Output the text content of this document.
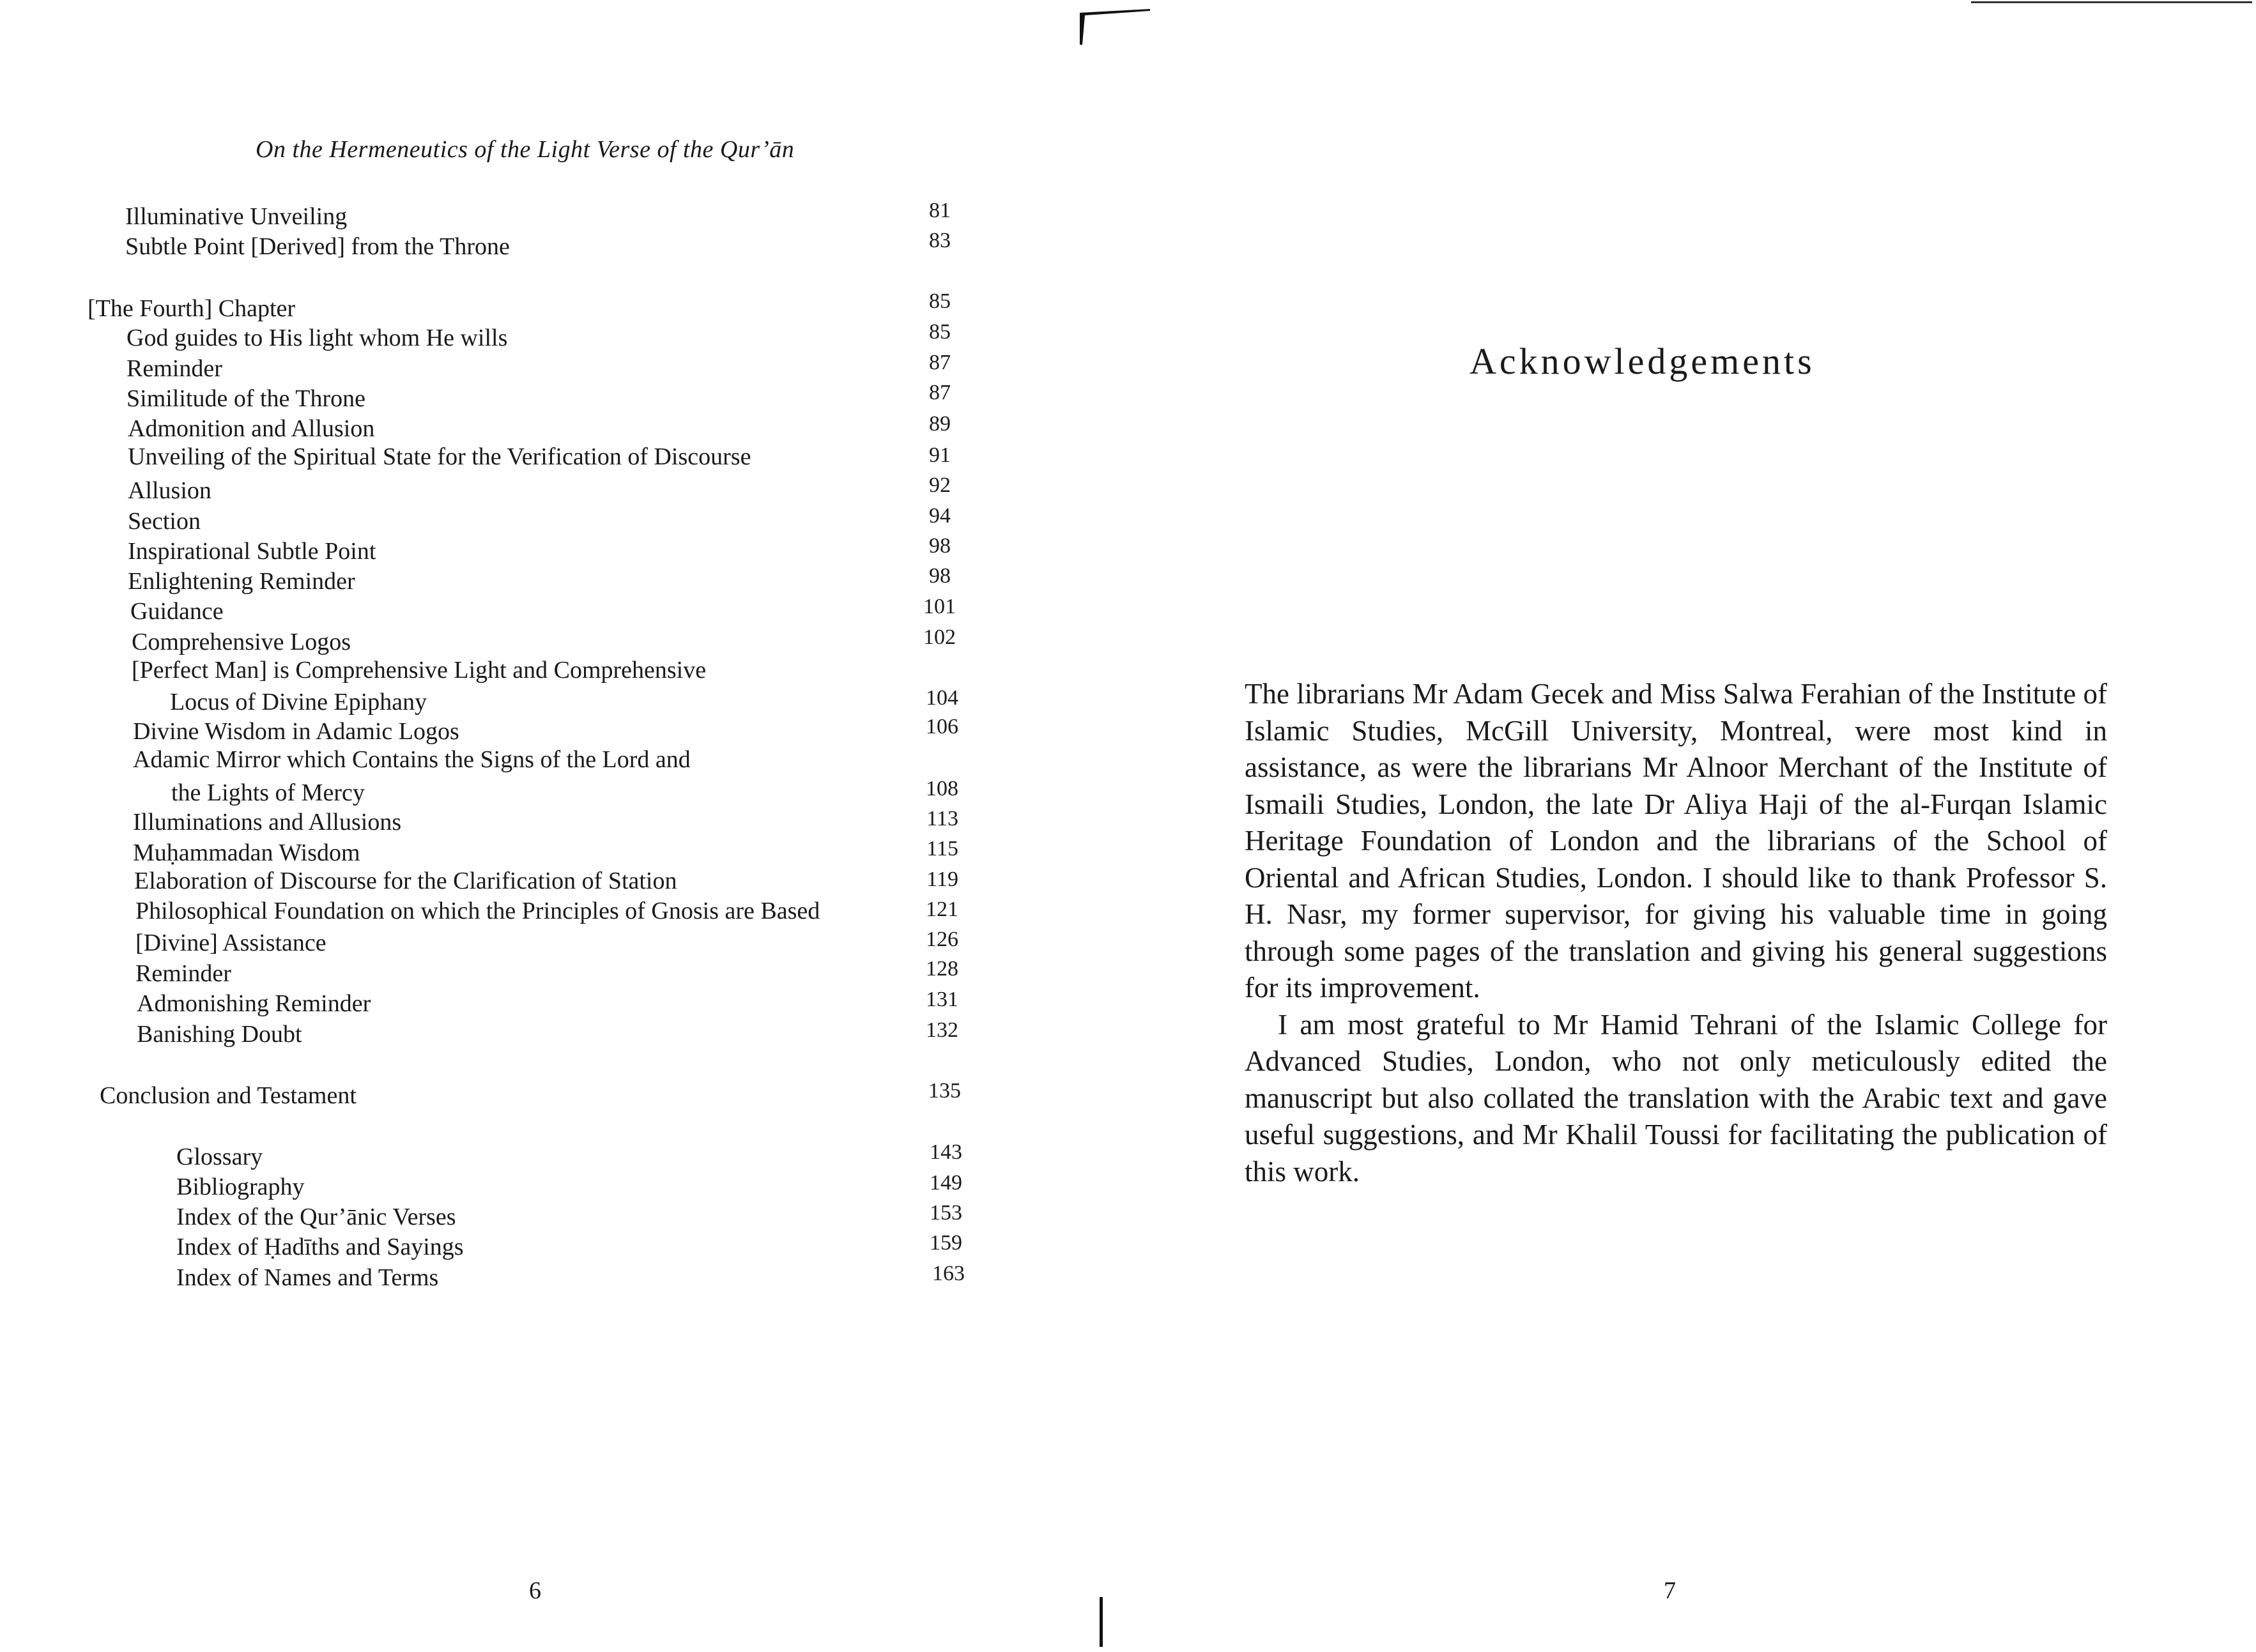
On the Hermeneutics of the Light Verse of the Qur’ān
Illuminative Unveiling	81
Subtle Point [Derived] from the Throne	83
[The Fourth] Chapter	85
God guides to His light whom He wills	85
Reminder	87
Similitude of the Throne	87
Admonition and Allusion	89
Unveiling of the Spiritual State for the Verification of Discourse	91
Allusion	92
Section	94
Inspirational Subtle Point	98
Enlightening Reminder	98
Guidance	101
Comprehensive Logos	102
[Perfect Man] is Comprehensive Light and Comprehensive
Locus of Divine Epiphany	104
Divine Wisdom in Adamic Logos	106
Adamic Mirror which Contains the Signs of the Lord and
the Lights of Mercy	108
Illuminations and Allusions	113
Muḥammadan Wisdom	115
Elaboration of Discourse for the Clarification of Station	119
Philosophical Foundation on which the Principles of Gnosis are Based	121
[Divine] Assistance	126
Reminder	128
Admonishing Reminder	131
Banishing Doubt	132
Conclusion and Testament	135
Glossary	143
Bibliography	149
Index of the Qur’ānic Verses	153
Index of Ḥadīths and Sayings	159
Index of Names and Terms	163
6
Acknowledgements

The librarians Mr Adam Gecek and Miss Salwa Ferahian of the Institute of Islamic Studies, McGill University, Montreal, were most kind in assistance, as were the librarians Mr Alnoor Merchant of the Institute of Ismaili Studies, London, the late Dr Aliya Haji of the al-Furqan Islamic Heritage Foundation of London and the librarians of the School of Oriental and African Studies, London. I should like to thank Professor S. H. Nasr, my former supervisor, for giving his valuable time in going through some pages of the translation and giving his general suggestions for its improvement.

I am most grateful to Mr Hamid Tehrani of the Islamic College for Advanced Studies, London, who not only meticulously edited the manuscript but also collated the translation with the Arabic text and gave useful suggestions, and Mr Khalil Toussi for facilitating the publication of this work.

7
